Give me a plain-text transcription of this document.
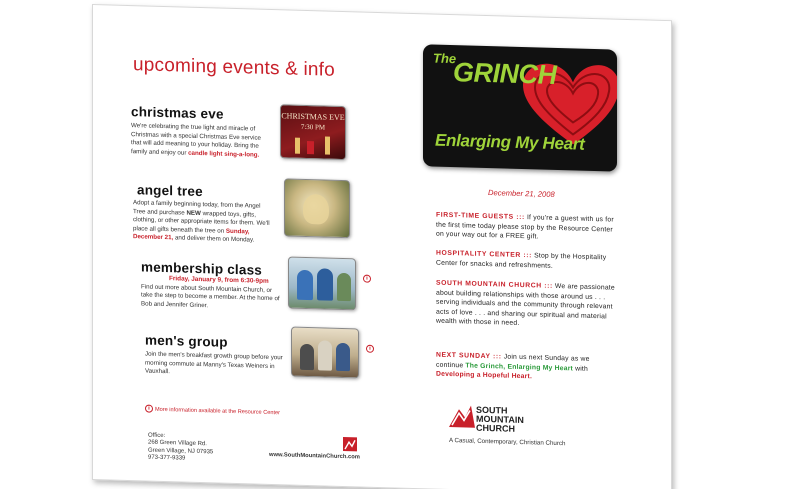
upcoming events & info
christmas eve
We're celebrating the true light and miracle of Christmas with a special Christmas Eve service that will add meaning to your holiday. Bring the family and enjoy our candle light sing-a-long.
CHRISTMAS EVE
7:30 PM
angel tree
Adopt a family beginning today, from the Angel Tree and purchase NEW wrapped toys, gifts, clothing, or other appropriate items for them. We'll place all gifts beneath the tree on Sunday, December 21, and deliver them on Monday.
membership class
Friday, January 9, from 6:30-9pm
Find out more about South Mountain Church, or take the step to become a member. At the home of Bob and Jennifer Griner.
i
men's group
Join the men's breakfast growth group before your morning commute at Manny's Texas Weiners in Vauxhall.
i
i More information available at the Resource Center
Office:
268 Green Village Rd.
Green Village, NJ 07935
973-377-9339	www.SouthMountainChurch.com
The
GRINCH
Enlarging My Heart
December 21, 2008
FIRST-TIME GUESTS ::: If you're a guest with us for the first time today please stop by the Resource Center on your way out for a FREE gift.
HOSPITALITY CENTER ::: Stop by the Hospitality Center for snacks and refreshments.
SOUTH MOUNTAIN CHURCH ::: We are passionate about building relationships with those around us . . . serving individuals and the community through relevant acts of love . . . and sharing our spiritual and material wealth with those in need.
NEXT SUNDAY ::: Join us next Sunday as we continue The Grinch, Enlarging My Heart with Developing a Hopeful Heart.
SOUTH
MOUNTAIN
CHURCH
A Casual, Contemporary, Christian Church
